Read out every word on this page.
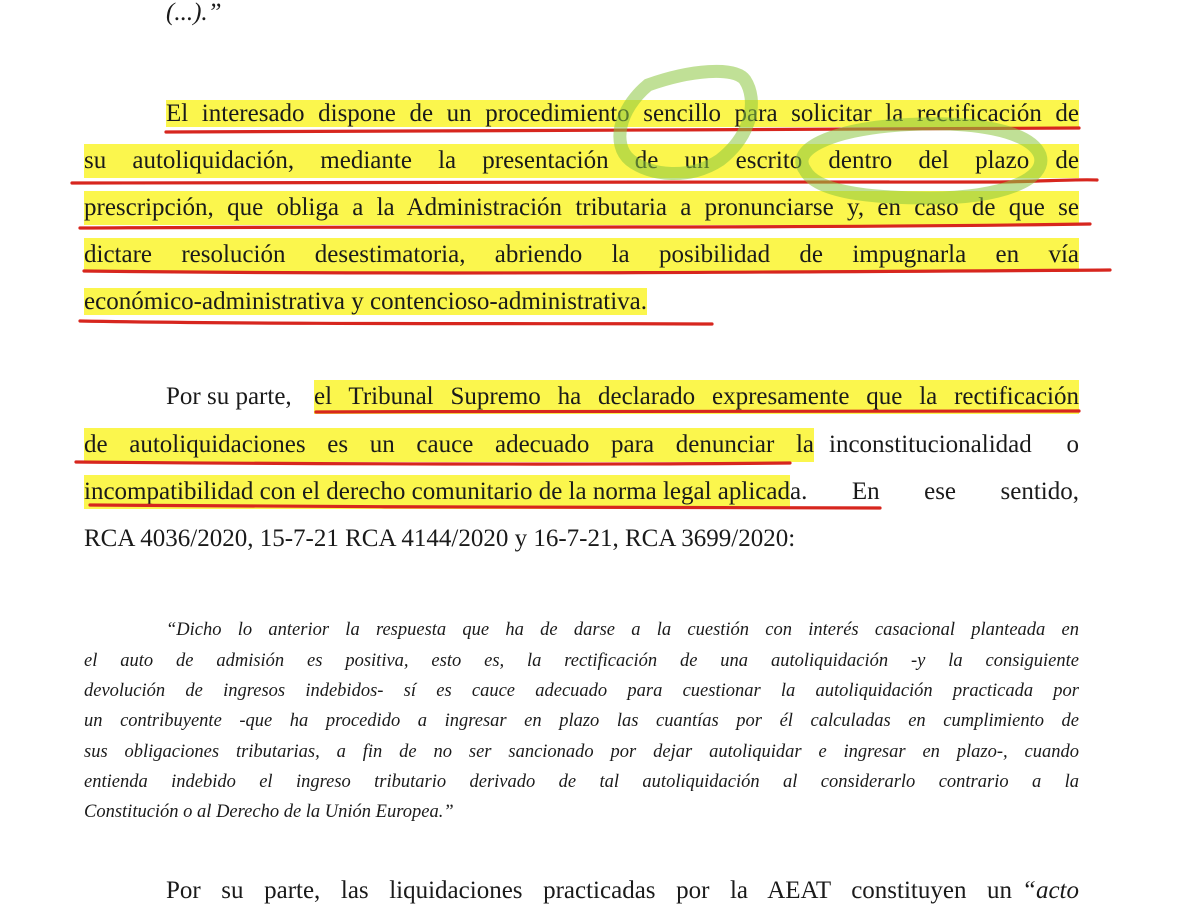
(...).”
El interesado dispone de un procedimiento sencillo para solicitar la rectificación de
su autoliquidación, mediante la presentación de un escrito dentro del plazo de
prescripción, que obliga a la Administración tributaria a pronunciarse y, en caso de que se
dictare resolución desestimatoria, abriendo la posibilidad de impugnarla en vía
económico-administrativa y contencioso-administrativa.
Por su parte, el Tribunal Supremo ha declarado expresamente que la rectificación
de autoliquidaciones es un cauce adecuado para denunciar la inconstitucionalidad o
incompatibilidad con el derecho comunitario de la norma legal aplicad a. En ese sentido,
RCA 4036/2020, 15-7-21 RCA 4144/2020 y 16-7-21, RCA 3699/2020:
“Dicho lo anterior la respuesta que ha de darse a la cuestión con interés casacional planteada en
el auto de admisión es positiva, esto es, la rectificación de una autoliquidación -y la consiguiente
devolución de ingresos indebidos- sí es cauce adecuado para cuestionar la autoliquidación practicada por
un contribuyente -que ha procedido a ingresar en plazo las cuantías por él calculadas en cumplimiento de
sus obligaciones tributarias, a fin de no ser sancionado por dejar autoliquidar e ingresar en plazo-, cuando
entienda indebido el ingreso tributario derivado de tal autoliquidación al considerarlo contrario a la
Constitución o al Derecho de la Unión Europea.”
Por su parte, las liquidaciones practicadas por la AEAT constituyen un “acto
